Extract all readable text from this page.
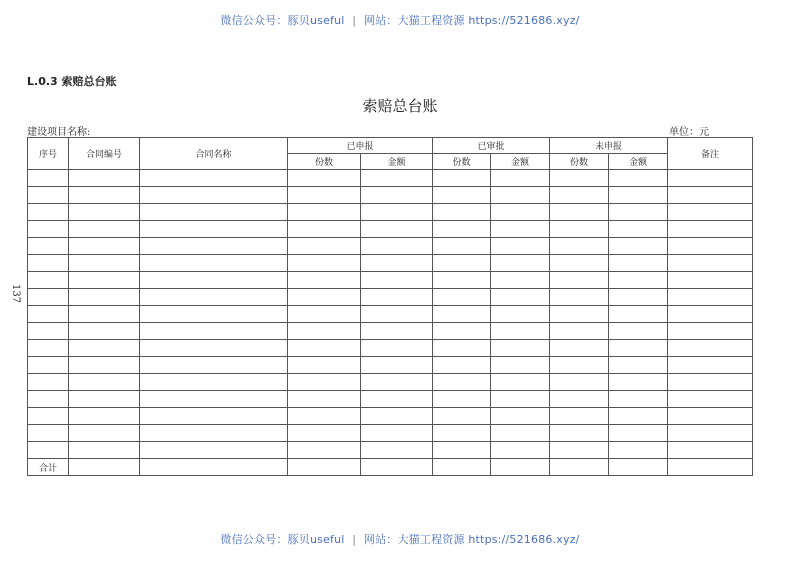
微信公众号：豚贝useful | 网站：大猫工程资源 https://521686.xyz/
L.0.3 索赔总台账
索赔总台账
建设项目名称:	单位：元
137
序号	合同编号	合同名称	已申报		已审批		未申报		备注
			份数	金额	份数	金额	份数	金额	

合计									
微信公众号：豚贝useful | 网站：大猫工程资源 https://521686.xyz/
